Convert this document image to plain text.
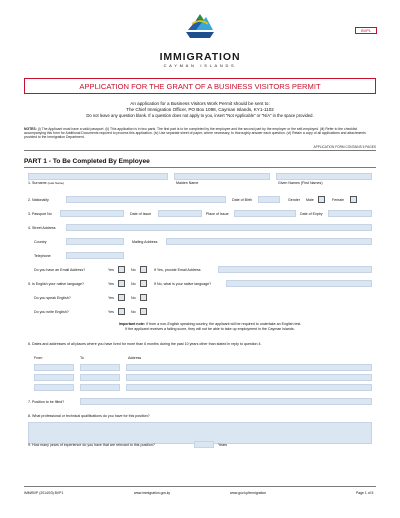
BVP1
IMMIGRATION
CAYMAN ISLANDS
APPLICATION FOR THE GRANT OF A BUSINESS VISITORS PERMIT
An application for a Business Visitors Work Permit should be sent to:
The Chief Immigration Officer, PO Box 1098, Cayman Islands, KY1-1102
Do not leave any question blank. If a question does not apply to you, insert "Not Applicable" or "N/A" in the space provided.
NOTES: (i) The Applicant must have a valid passport. (ii) This application is in two parts. The first part is to be completed by the employee and the second part by the employer or the self-employed. (iii) Refer to the checklist accompanying this form for Additional Documents required to process this application. (iv) Use separate sheet of paper, where necessary, to thoroughly answer each question. (vi) Retain a copy of all applications and attachments provided to the Immigration Department.
APPLICATION FORM CONTAINS 5 PAGES
PART 1 - To Be Completed By Employee
1. Surname (Last Name)	Maiden Name	Given Names (First Names)
2. Nationality	Date of Birth	Gender Male	Female
3. Passport No	Date of Issue	Place of Issue	Date of Expiry
4. Street Address
Country	Mailing Address
Telephone
Do you have an Email Address?	Yes	No	If Yes, provide Email Address
5. Is English your native language?	Yes	No	If No, what is your native language?
Do you speak English?	Yes	No
Do you write English?	Yes	No
Important note: If from a non-English speaking country, the applicant will be required to undertake an English test.
If the applicant receives a failing score, they will not be able to take up employment in the Cayman Islands.
6. Dates and addresses of all places where you have lived for more than 6 months during the past 10 years other than stated in reply to question 4.
From	To	Address
7. Position to be filled?
8. What professional or technical qualifications do you have for this position?
9. How many years of experience do you have that are relevant to this position?	Years
IMM/BVP (2014/03) BVP1	www.immigration.gov.ky	www.gov.ky/immigration	Page 1 of 5
